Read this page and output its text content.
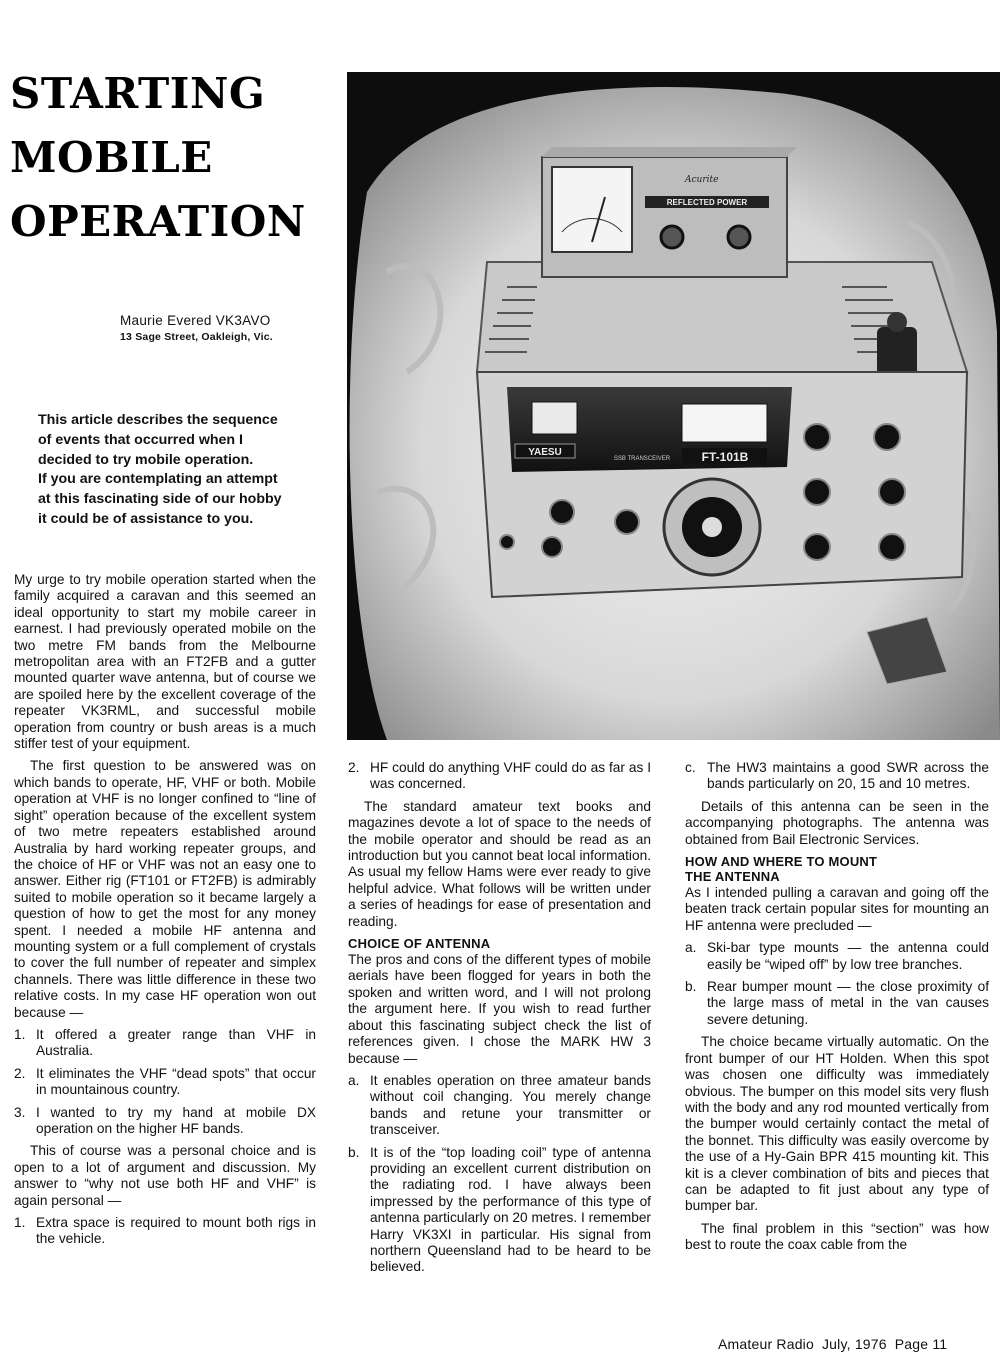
STARTING
MOBILE
OPERATION
Maurie Evered VK3AVO
13 Sage Street, Oakleigh, Vic.
This article describes the sequence
of events that occurred when I
decided to try mobile operation.
If you are contemplating an attempt
at this fascinating side of our hobby
it could be of assistance to you.
Acurite
REFLECTED POWER
YAESU
SSB TRANSCEIVER	FT-101B

My urge to try mobile operation started when the family acquired a caravan and this seemed an ideal opportunity to start my mobile career in earnest. I had previously operated mobile on the two metre FM bands from the Melbourne metropolitan area with an FT2FB and a gutter mounted quarter wave antenna, but of course we are spoiled here by the excellent coverage of the repeater VK3RML, and successful mobile operation from country or bush areas is a much stiffer test of your equipment.

The first question to be answered was on which bands to operate, HF, VHF or both. Mobile operation at VHF is no longer confined to “line of sight” operation because of the excellent system of two metre repeaters established around Australia by hard working repeater groups, and the choice of HF or VHF was not an easy one to answer. Either rig (FT101 or FT2FB) is admirably suited to mobile operation so it became largely a question of how to get the most for any money spent. I needed a mobile HF antenna and mounting system or a full complement of crystals to cover the full number of repeater and simplex channels. There was little difference in these two relative costs. In my case HF operation won out because —

1. It offered a greater range than VHF in Australia.
2. It eliminates the VHF “dead spots” that occur in mountainous country.
3. I wanted to try my hand at mobile DX operation on the higher HF bands.

This of course was a personal choice and is open to a lot of argument and discussion. My answer to “why not use both HF and VHF” is again personal —

1. Extra space is required to mount both rigs in the vehicle.
2. HF could do anything VHF could do as far as I was concerned.

The standard amateur text books and magazines devote a lot of space to the needs of the mobile operator and should be read as an introduction but you cannot beat local information. As usual my fellow Hams were ever ready to give helpful advice. What follows will be written under a series of headings for ease of presentation and reading.

CHOICE OF ANTENNA

The pros and cons of the different types of mobile aerials have been flogged for years in both the spoken and written word, and I will not prolong the argument here. If you wish to read further about this fascinating subject check the list of references given. I chose the MARK HW 3 because —

a. It enables operation on three amateur bands without coil changing. You merely change bands and retune your transmitter or transceiver.
b. It is of the “top loading coil” type of antenna providing an excellent current distribution on the radiating rod. I have always been impressed by the performance of this type of antenna particularly on 20 metres. I remember Harry VK3XI in particular. His signal from northern Queensland had to be heard to be believed.
c. The HW3 maintains a good SWR across the bands particularly on 20, 15 and 10 metres.

Details of this antenna can be seen in the accompanying photographs. The antenna was obtained from Bail Electronic Services.

HOW AND WHERE TO MOUNT
THE ANTENNA

As I intended pulling a caravan and going off the beaten track certain popular sites for mounting an HF antenna were precluded —

a. Ski-bar type mounts — the antenna could easily be “wiped off” by low tree branches.
b. Rear bumper mount — the close proximity of the large mass of metal in the van causes severe detuning.

The choice became virtually automatic. On the front bumper of our HT Holden. When this spot was chosen one difficulty was immediately obvious. The bumper on this model sits very flush with the body and any rod mounted vertically from the bumper would certainly contact the metal of the bonnet. This difficulty was easily overcome by the use of a Hy-Gain BPR 415 mounting kit. This kit is a clever combination of bits and pieces that can be adapted to fit just about any type of bumper bar.

The final problem in this “section” was how best to route the coax cable from the

Amateur Radio July, 1976 Page 11
